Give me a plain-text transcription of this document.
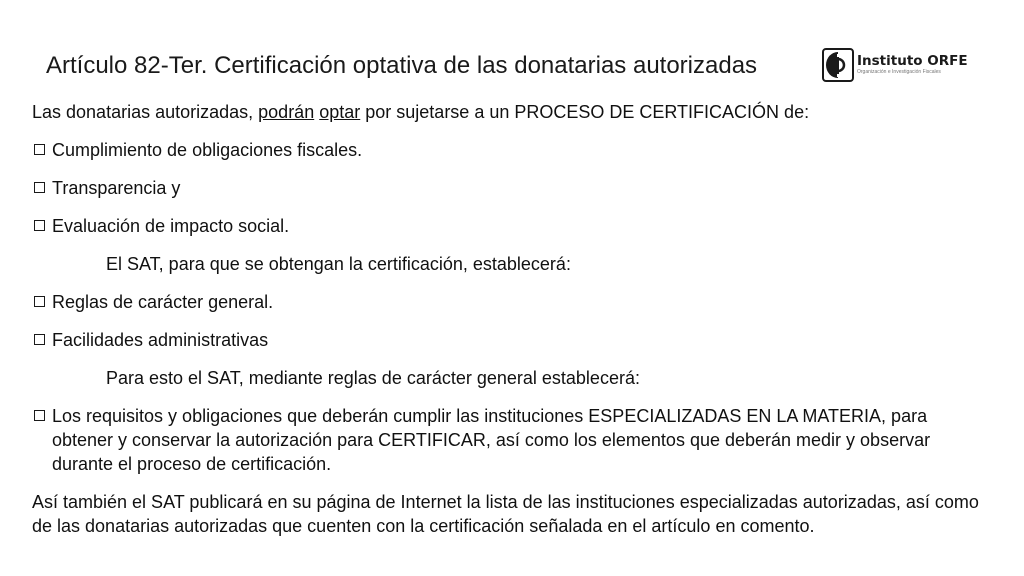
Artículo 82-Ter. Certificación optativa de las donatarias autorizadas	Instituto ORFE
Organización e Investigación Fiscales

Las donatarias autorizadas, podrán optar por sujetarse a un PROCESO DE CERTIFICACIÓN de:

Cumplimiento de obligaciones fiscales.
Transparencia y
Evaluación de impacto social.

El SAT, para que se obtengan la certificación, establecerá:

Reglas de carácter general.
Facilidades administrativas

Para esto el SAT, mediante reglas de carácter general establecerá:

Los requisitos y obligaciones que deberán cumplir las instituciones ESPECIALIZADAS EN LA MATERIA, para obtener y conservar la autorización para CERTIFICAR, así como los elementos que deberán medir y observar durante el proceso de certificación.

Así también el SAT publicará en su página de Internet la lista de las instituciones especializadas autorizadas, así como de las donatarias autorizadas que cuenten con la certificación señalada en el artículo en comento.
